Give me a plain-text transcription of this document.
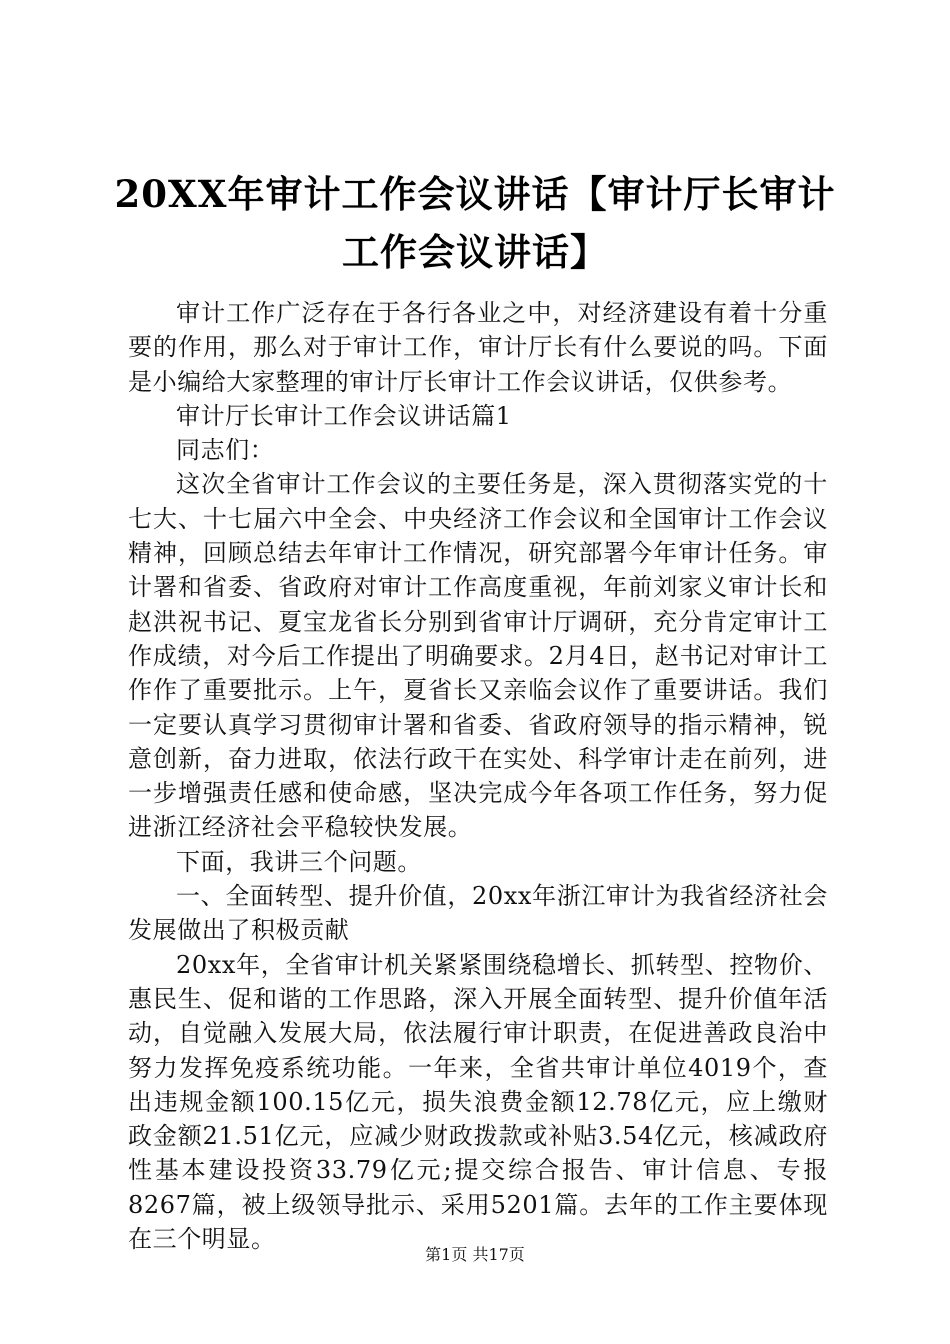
20XX年审计工作会议讲话【审计厅长审计工作会议讲话】

审计工作广泛存在于各行各业之中，对经济建设有着十分重要的作用，那么对于审计工作，审计厅长有什么要说的吗。下面是小编给大家整理的审计厅长审计工作会议讲话，仅供参考。

审计厅长审计工作会议讲话篇1

同志们：

这次全省审计工作会议的主要任务是，深入贯彻落实党的十七大、十七届六中全会、中央经济工作会议和全国审计工作会议精神，回顾总结去年审计工作情况，研究部署今年审计任务。审计署和省委、省政府对审计工作高度重视，年前刘家义审计长和赵洪祝书记、夏宝龙省长分别到省审计厅调研，充分肯定审计工作成绩，对今后工作提出了明确要求。2月4日，赵书记对审计工作作了重要批示。上午，夏省长又亲临会议作了重要讲话。我们一定要认真学习贯彻审计署和省委、省政府领导的指示精神，锐意创新，奋力进取，依法行政干在实处、科学审计走在前列，进一步增强责任感和使命感，坚决完成今年各项工作任务，努力促进浙江经济社会平稳较快发展。

下面，我讲三个问题。

一、全面转型、提升价值，20xx年浙江审计为我省经济社会发展做出了积极贡献

20xx年，全省审计机关紧紧围绕稳增长、抓转型、控物价、惠民生、促和谐的工作思路，深入开展全面转型、提升价值年活动，自觉融入发展大局，依法履行审计职责，在促进善政良治中努力发挥免疫系统功能。一年来，全省共审计单位4019个，查出违规金额100.15亿元，损失浪费金额12.78亿元，应上缴财政金额21.51亿元，应减少财政拨款或补贴3.54亿元，核减政府性基本建设投资33.79亿元;提交综合报告、审计信息、专报8267篇，被上级领导批示、采用5201篇。去年的工作主要体现在三个明显。

第1页 共17页
